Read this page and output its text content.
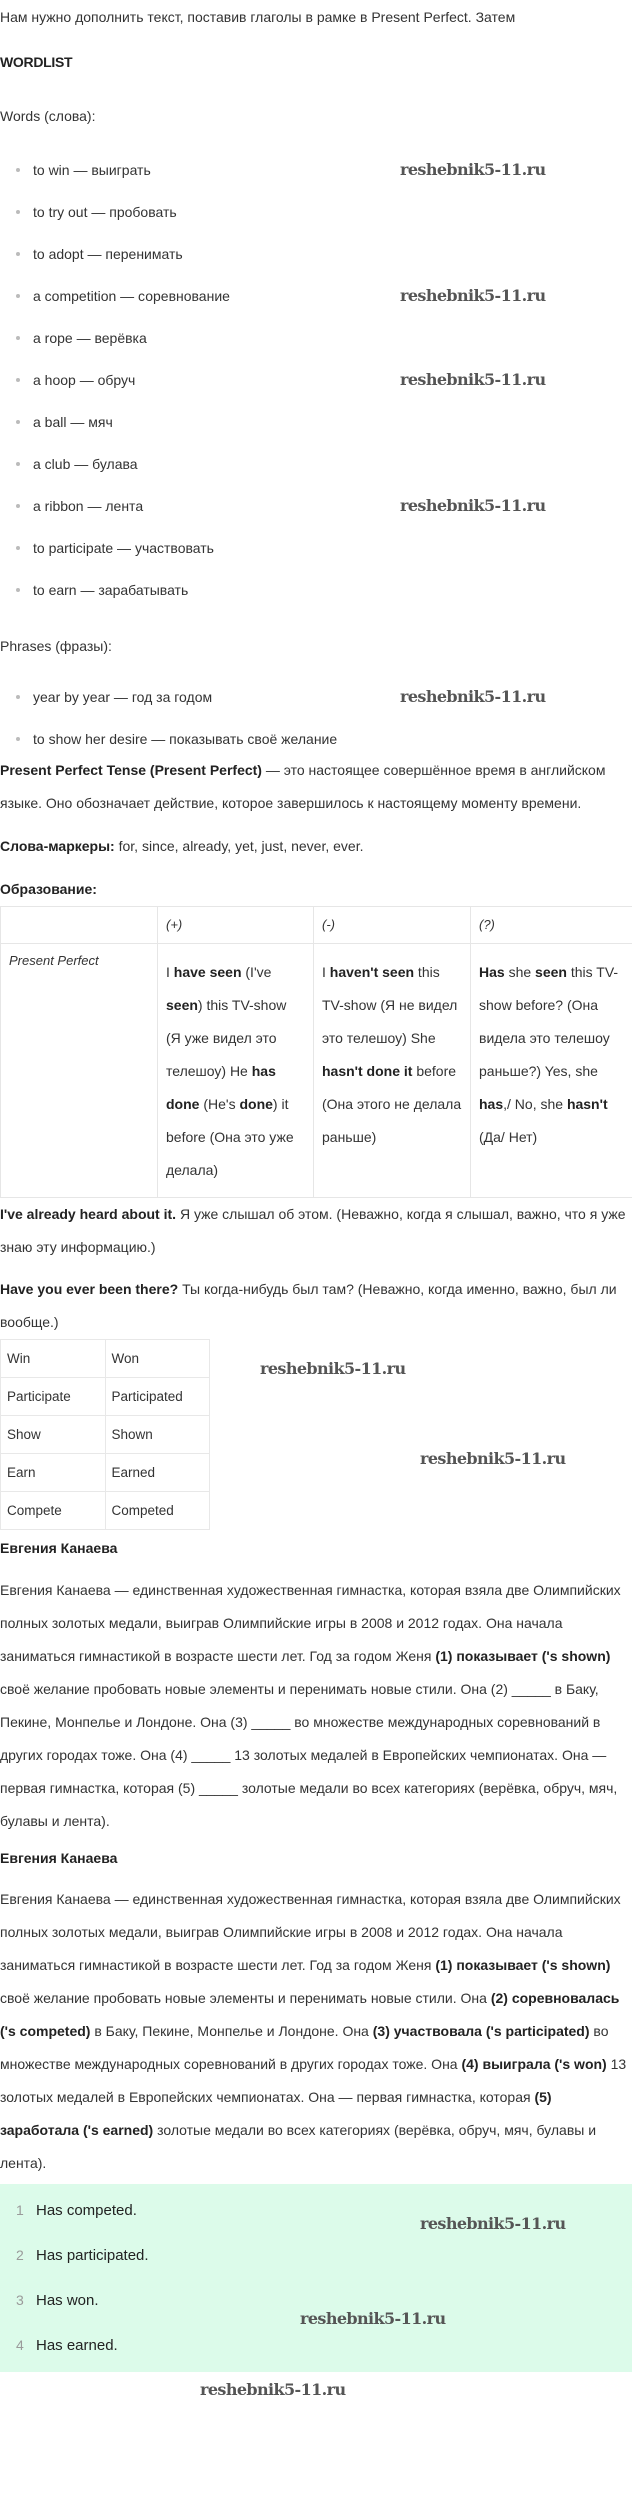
Нам нужно дополнить текст, поставив глаголы в рамке в Present Perfect. Затем

WORDLIST
Words (слова):
to win — выиграть
to try out — пробовать
to adopt — перенимать
a competition — соревнование
a rope — верёвка
a hoop — обруч
a ball — мяч
a club — булава
a ribbon — лента
to participate — участвовать
to earn — зарабатывать
reshebnik5-11.ru
reshebnik5-11.ru
reshebnik5-11.ru
reshebnik5-11.ru
Phrases (фразы):
year by year — год за годом
to show her desire — показывать своё желание
reshebnik5-11.ru

Present Perfect Tense (Present Perfect) — это настоящее совершённое время в английском языке. Оно обозначает действие, которое завершилось к настоящему моменту времени.

Слова-маркеры: for, since, already, yet, just, never, ever.

Образование:

	(+)	(-)	(?)
Present Perfect	I have seen (I've seen) this TV-show (Я уже видел это телешоу) He has done (He's done) it before (Она это уже делала)	I haven't seen this TV-show (Я не видел это телешоу) She hasn't done it before (Она этого не делала раньше)	Has she seen this TV-show before? (Она видела это телешоу раньше?) Yes, she has,/ No, she hasn't (Да/ Нет)

I've already heard about it. Я уже слышал об этом. (Неважно, когда я слышал, важно, что я уже знаю эту информацию.)

Have you ever been there? Ты когда-нибудь был там? (Неважно, когда именно, важно, был ли вообще.)

Win	Won
Participate	Participated
Show	Shown
Earn	Earned
Compete	Competed
reshebnik5-11.ru
reshebnik5-11.ru
Евгения Канаева

Евгения Канаева — единственная художественная гимнастка, которая взяла две Олимпийских полных золотых медали, выиграв Олимпийские игры в 2008 и 2012 годах. Она начала заниматься гимнастикой в возрасте шести лет. Год за годом Женя (1) показывает ('s shown) своё желание пробовать новые элементы и перенимать новые стили. Она (2) _____ в Баку, Пекине, Монпелье и Лондоне. Она (3) _____ во множестве международных соревнований в других городах тоже. Она (4) _____ 13 золотых медалей в Европейских чемпионатах. Она — первая гимнастка, которая (5) _____ золотые медали во всех категориях (верёвка, обруч, мяч, булавы и лента).

Евгения Канаева

Евгения Канаева — единственная художественная гимнастка, которая взяла две Олимпийских полных золотых медали, выиграв Олимпийские игры в 2008 и 2012 годах. Она начала заниматься гимнастикой в возрасте шести лет. Год за годом Женя (1) показывает ('s shown) своё желание пробовать новые элементы и перенимать новые стили. Она (2) соревновалась ('s competed) в Баку, Пекине, Монпелье и Лондоне. Она (3) участвовала ('s participated) во множестве международных соревнований в других городах тоже. Она (4) выиграла ('s won) 13 золотых медалей в Европейских чемпионатах. Она — первая гимнастка, которая (5) заработала ('s earned) золотые медали во всех категориях (верёвка, обруч, мяч, булавы и лента).

1 Has competed.
2 Has participated.
3 Has won.
4 Has earned.
reshebnik5-11.ru
reshebnik5-11.ru
reshebnik5-11.ru
